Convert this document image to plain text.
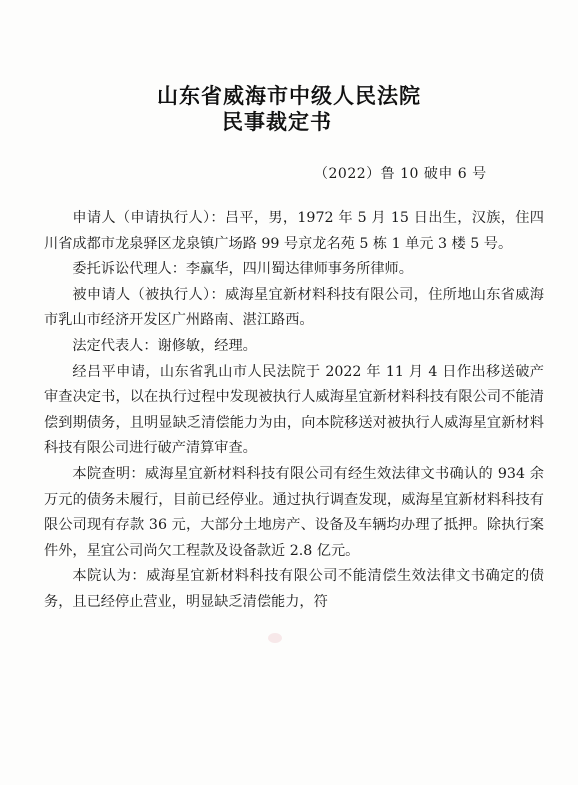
山东省威海市中级人民法院
民事裁定书
（2022）鲁 10 破申 6 号

申请人（申请执行人）：吕平，男，1972 年 5 月 15 日出生，汉族，住四川省成都市龙泉驿区龙泉镇广场路 99 号京龙名苑 5 栋 1 单元 3 楼 5 号。

委托诉讼代理人：李赢华，四川蜀达律师事务所律师。

被申请人（被执行人）：威海星宜新材料科技有限公司，住所地山东省威海市乳山市经济开发区广州路南、湛江路西。

法定代表人：谢修敏，经理。

经吕平申请，山东省乳山市人民法院于 2022 年 11 月 4 日作出移送破产审查决定书，以在执行过程中发现被执行人威海星宜新材料科技有限公司不能清偿到期债务，且明显缺乏清偿能力为由，向本院移送对被执行人威海星宜新材料科技有限公司进行破产清算审查。

本院查明：威海星宜新材料科技有限公司有经生效法律文书确认的 934 余万元的债务未履行，目前已经停业。通过执行调查发现，威海星宜新材料科技有限公司现有存款 36 元，大部分土地房产、设备及车辆均办理了抵押。除执行案件外，星宜公司尚欠工程款及设备款近 2.8 亿元。

本院认为：威海星宜新材料科技有限公司不能清偿生效法律文书确定的债务，且已经停止营业，明显缺乏清偿能力，符
